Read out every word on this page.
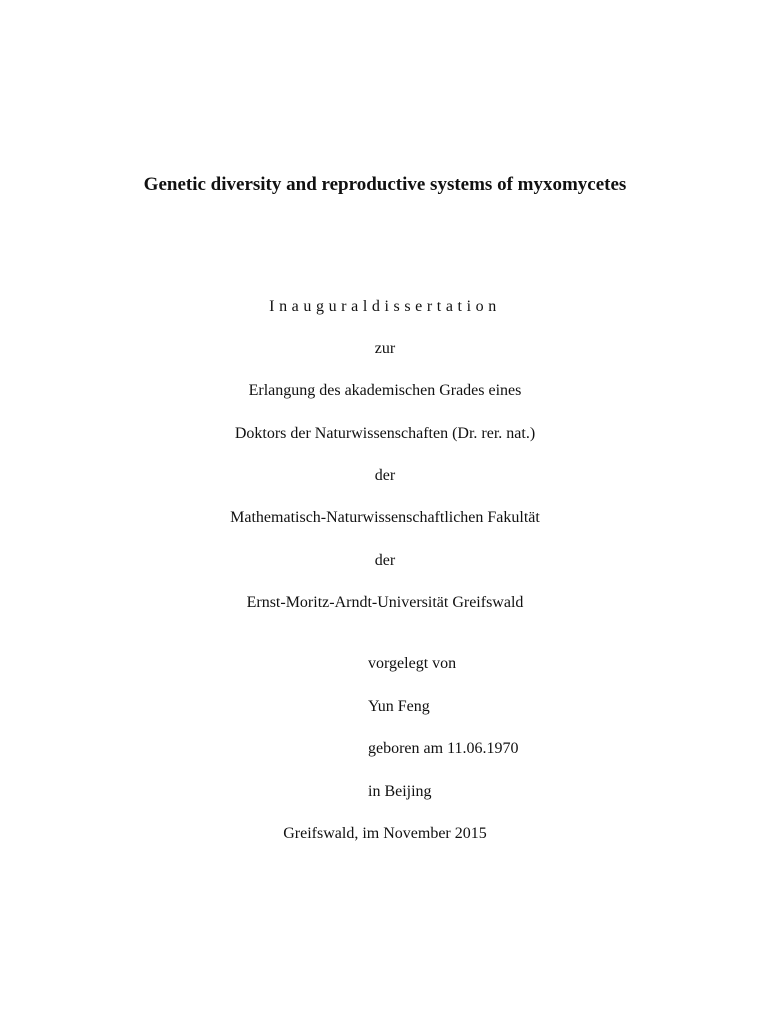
Genetic diversity and reproductive systems of myxomycetes
Inauguraldissertation
zur
Erlangung des akademischen Grades eines
Doktors der Naturwissenschaften (Dr. rer. nat.)
der
Mathematisch-Naturwissenschaftlichen Fakultät
der
Ernst-Moritz-Arndt-Universität Greifswald
vorgelegt von
Yun Feng
geboren am 11.06.1970
in Beijing
Greifswald, im November 2015
